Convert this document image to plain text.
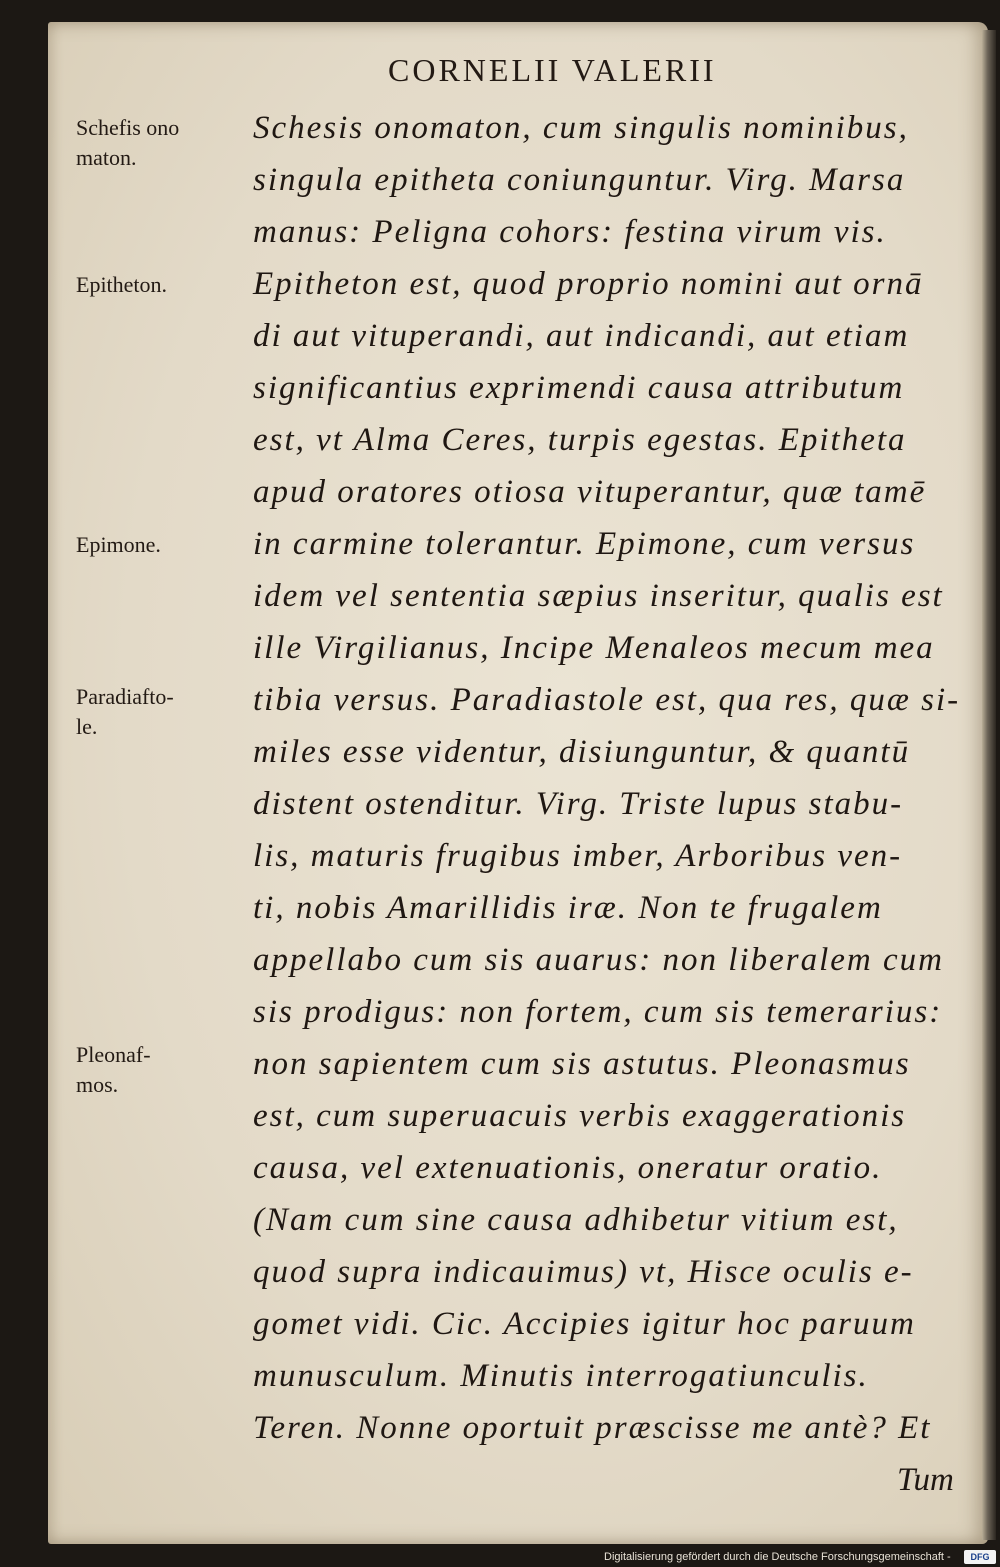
CORNELII VALERII
Schefis ono
maton.
Epitheton.
Epimone.
Paradiafto-
le.
Pleonaf-
mos.
Schesis onomaton, cum singulis nominibus,
singula epitheta coniunguntur. Virg. Marsa
manus: Peligna cohors: festina virum vis.
Epitheton est, quod proprio nomini aut ornā
di aut vituperandi, aut indicandi, aut etiam
significantius exprimendi causa attributum
est, vt Alma Ceres, turpis egestas. Epitheta
apud oratores otiosa vituperantur, quæ tamē
in carmine tolerantur. Epimone, cum versus
idem vel sententia sæpius inseritur, qualis est
ille Virgilianus, Incipe Menaleos mecum mea
tibia versus. Paradiastole est, qua res, quæ si-
miles esse videntur, disiunguntur, & quantū
distent ostenditur. Virg. Triste lupus stabu-
lis, maturis frugibus imber, Arboribus ven-
ti, nobis Amarillidis iræ. Non te frugalem
appellabo cum sis auarus: non liberalem cum
sis prodigus: non fortem, cum sis temerarius:
non sapientem cum sis astutus. Pleonasmus
est, cum superuacuis verbis exaggerationis
causa, vel extenuationis, oneratur oratio.
(Nam cum sine causa adhibetur vitium est,
quod supra indicauimus) vt, Hisce oculis e-
gomet vidi. Cic. Accipies igitur hoc paruum
munusculum. Minutis interrogatiunculis.
Teren. Nonne oportuit præscisse me antè? Et
Tum
Digitalisierung gefördert durch die Deutsche Forschungsgemeinschaft -	DFG
